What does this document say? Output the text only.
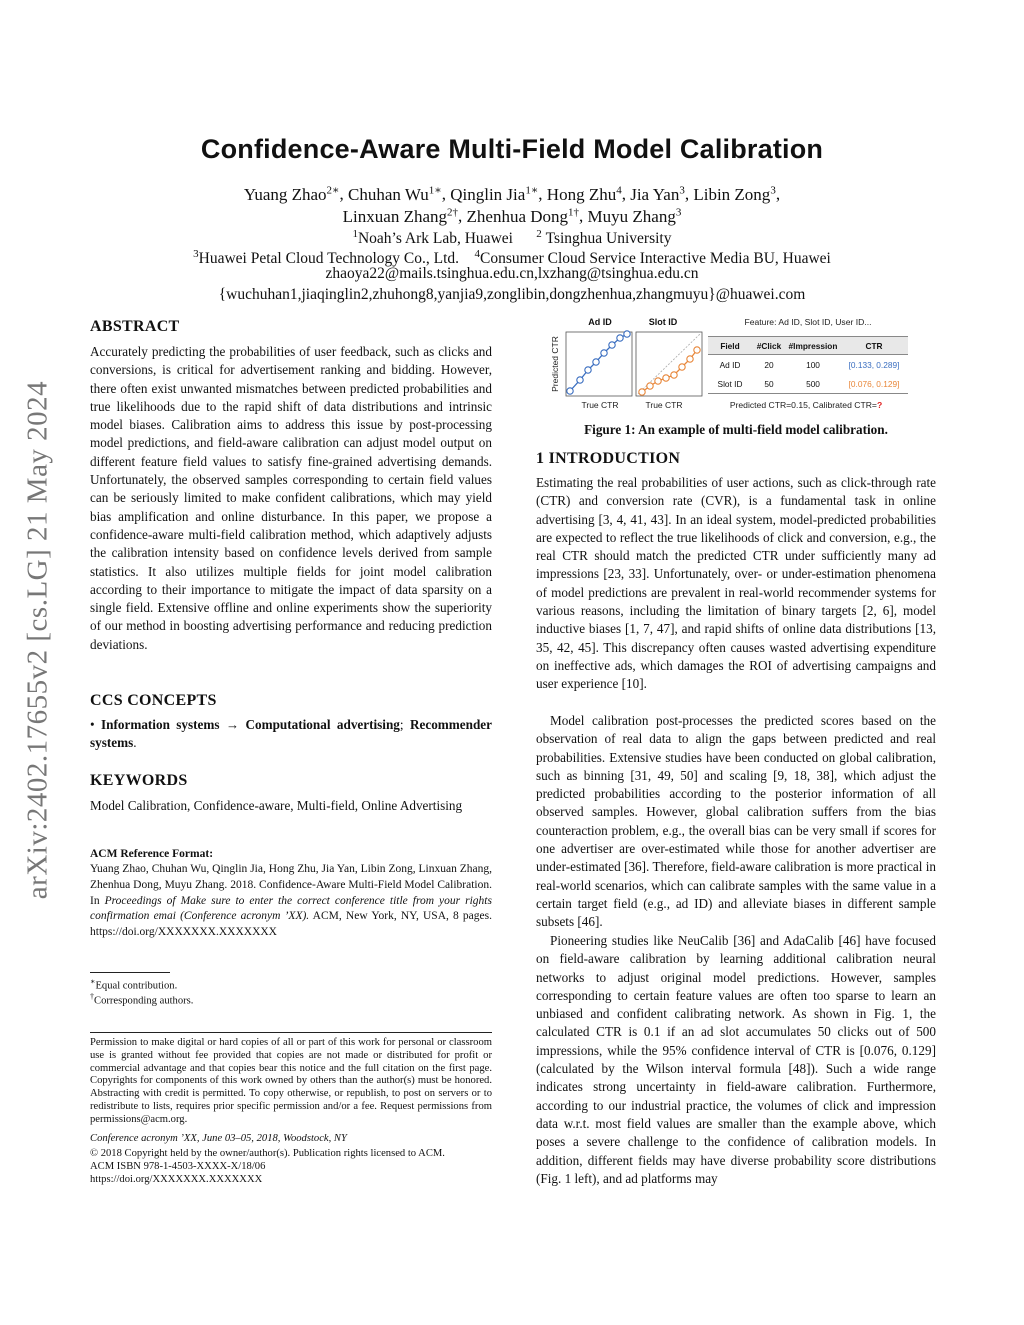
arXiv:2402.17655v2 [cs.LG] 21 May 2024
Confidence-Aware Multi-Field Model Calibration
Yuang Zhao$^{2∗}$, Chuhan $Wu^{1∗}$, Qinglin Jia$^{1∗}$, Hong Zhu$^4$, Jia Yan$^3$, Libin Zong$^3$,
Linxuan Zhang$^{2\dagger}$, Zhenhua Dong$^{1\dagger}$, Muyu Zhang$^3$
$^1$Noah’s Ark Lab, Huawei $^2$ Tsinghua University
$^3$Huawei Petal Cloud Technology Co., Ltd. $^4$Consumer Cloud Service Interactive Media BU, Huawei
zhaoya22@mails.tsinghua.edu.cn,lxzhang@tsinghua.edu.cn
{wuchuhan1,jiaqinglin2,zhuhong8,yanjia9,zonglibin,dongzhenhua,zhangmuyu}@huawei.com
ABSTRACT

Accurately predicting the probabilities of user feedback, such as clicks and conversions, is critical for advertisement ranking and bidding. However, there often exist unwanted mismatches between predicted probabilities and true likelihoods due to the rapid shift of data distributions and intrinsic model biases. Calibration aims to address this issue by post-processing model predictions, and field-aware calibration can adjust model output on different feature field values to satisfy fine-grained advertising demands. Unfortunately, the observed samples corresponding to certain field values can be seriously limited to make confident calibrations, which may yield bias amplification and online disturbance. In this paper, we propose a confidence-aware multi-field calibration method, which adaptively adjusts the calibration intensity based on confidence levels derived from sample statistics. It also utilizes multiple fields for joint model calibration according to their importance to mitigate the impact of data sparsity on a single field. Extensive offline and online experiments show the superiority of our method in boosting advertising performance and reducing prediction deviations.

CCS CONCEPTS

• Information systems → Computational advertising; Recommender systems.

KEYWORDS

Model Calibration, Confidence-aware, Multi-field, Online Advertising

ACM Reference Format:

Yuang Zhao, Chuhan Wu, Qinglin Jia, Hong Zhu, Jia Yan, Libin Zong, Linxuan Zhang, Zhenhua Dong, Muyu Zhang. 2018. Confidence-Aware Multi-Field Model Calibration. In Proceedings of Make sure to enter the correct conference title from your rights confirmation emai (Conference acronym ’XX). ACM, New York, NY, USA, 8 pages. https://doi.org/XXXXXXX.XXXXXXX

∗Equal contribution.
†Corresponding authors.

Permission to make digital or hard copies of all or part of this work for personal or classroom use is granted without fee provided that copies are not made or distributed for profit or commercial advantage and that copies bear this notice and the full citation on the first page. Copyrights for components of this work owned by others than the author(s) must be honored. Abstracting with credit is permitted. To copy otherwise, or republish, to post on servers or to redistribute to lists, requires prior specific permission and/or a fee. Request permissions from permissions@acm.org.

Conference acronym ’XX, June 03–05, 2018, Woodstock, NY
© 2018 Copyright held by the owner/author(s). Publication rights licensed to ACM.
ACM ISBN 978-1-4503-XXXX-X/18/06
https://doi.org/XXXXXXX.XXXXXXX
Predicted CTR
Ad ID
True CTR
Slot ID
True CTR
Feature: Ad ID, Slot ID, User ID...
Predicted CTR=0.15, Calibrated CTR=?
Field	#Click	#Impression	CTR
Ad ID	20	100	[0.133, 0.289]
Slot ID	50	500	[0.076, 0.129]
Figure 1: An example of multi-field model calibration.
1 INTRODUCTION

Estimating the real probabilities of user actions, such as click-through rate (CTR) and conversion rate (CVR), is a fundamental task in online advertising [3, 4, 41, 43]. In an ideal system, model-predicted probabilities are expected to reflect the true likelihoods of click and conversion, e.g., the real CTR should match the predicted CTR under sufficiently many ad impressions [23, 33]. Unfortunately, over- or under-estimation phenomena of model predictions are prevalent in real-world recommender systems for various reasons, including the limitation of binary targets [2, 6], model inductive biases [1, 7, 47], and rapid shifts of online data distributions [13, 35, 42, 45]. This discrepancy often causes wasted advertising expenditure on ineffective ads, which damages the ROI of advertising campaigns and user experience [10].

Model calibration post-processes the predicted scores based on the observation of real data to align the gaps between predicted and real probabilities. Extensive studies have been conducted on global calibration, such as binning [31, 49, 50] and scaling [9, 18, 38], which adjust the predicted probabilities according to the posterior information of all observed samples. However, global calibration suffers from the bias counteraction problem, e.g., the overall bias can be very small if scores for one advertiser are over-estimated while those for another advertiser are under-estimated [36]. Therefore, field-aware calibration is more practical in real-world scenarios, which can calibrate samples with the same value in a certain target field (e.g., ad ID) and alleviate biases in different sample subsets [46].

Pioneering studies like NeuCalib [36] and AdaCalib [46] have focused on field-aware calibration by learning additional calibration neural networks to adjust original model predictions. However, samples corresponding to certain feature values are often too sparse to learn an unbiased and confident calibrating network. As shown in Fig. 1, the calculated CTR is 0.1 if an ad slot accumulates 50 clicks out of 500 impressions, while the 95% confidence interval of CTR is [0.076, 0.129] (calculated by the Wilson interval formula [48]). Such a wide range indicates strong uncertainty in field-aware calibration. Furthermore, according to our industrial practice, the volumes of click and impression data w.r.t. most field values are smaller than the example above, which poses a severe challenge to the confidence of calibration models. In addition, different fields may have diverse probability score distributions (Fig. 1 left), and ad platforms may
